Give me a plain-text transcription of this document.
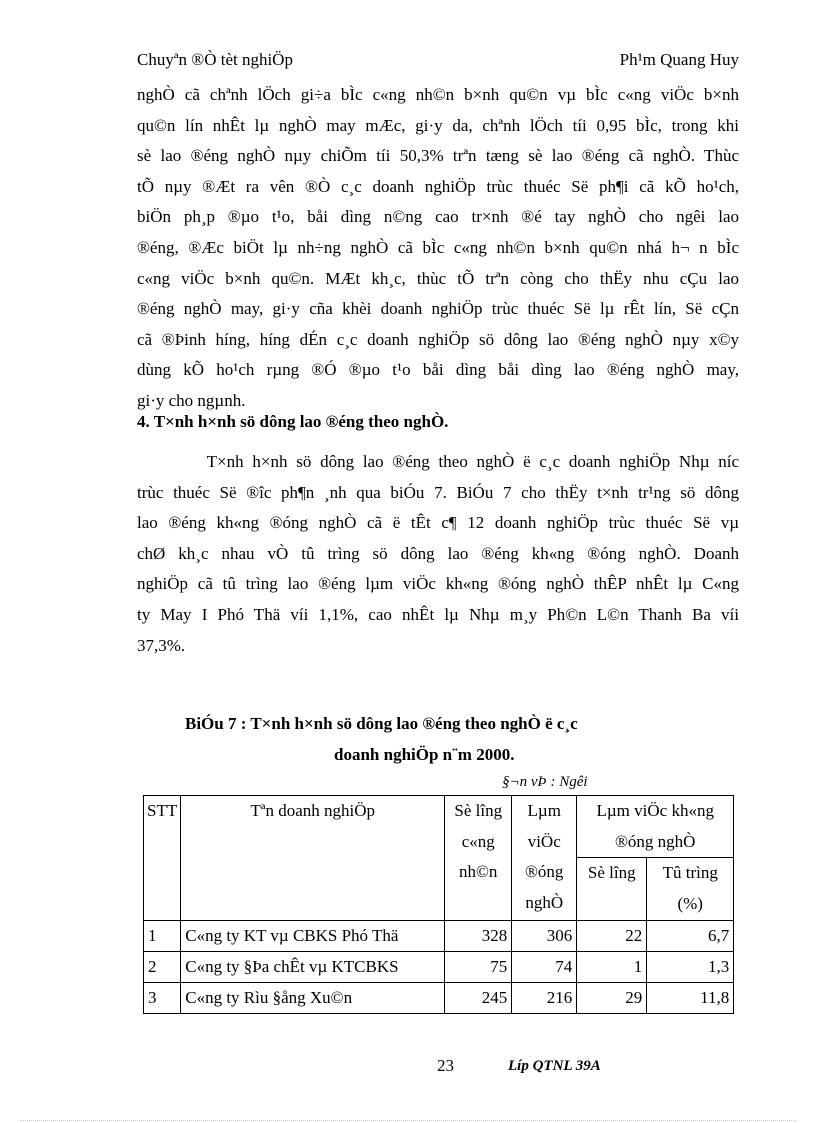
Chuyªn ®Ò tèt nghiÖp	Ph¹m Quang Huy

nghÒ cã chªnh lÖch gi÷a bÌc c«ng nh©n b×nh qu©n vµ bÌc c«ng viÖc b×nh
qu©n lín nhÊt lµ nghÒ may mÆc, gi·y da, chªnh lÖch tíi 0,95 bÌc, trong khi
sè lao ®éng nghÒ nµy chiÕm tíi 50,3% trªn tæng sè lao ®éng cã nghÒ. Thùc
tÕ nµy ®Æt ra vên ®Ò c¸c doanh nghiÖp trùc thuéc Së ph¶i cã kÕ ho¹ch,
biÖn ph¸p ®µo t¹o, båi dìng n©ng cao tr×nh ®é tay nghÒ cho ngêi lao
®éng, ®Æc biÖt lµ nh÷ng nghÒ cã bÌc c«ng nh©n b×nh qu©n nhá h¬ n bÌc
c«ng viÖc b×nh qu©n. MÆt kh¸c, thùc tÕ trªn còng cho thËy nhu cÇu lao
®éng nghÒ may, gi·y cña khèi doanh nghiÖp trùc thuéc Së lµ rÊt lín, Së cÇn
cã ®Þinh híng, híng dÉn c¸c doanh nghiÖp sö dông lao ®éng nghÒ nµy x©y
dùng kÕ ho¹ch rµng ®Ó ®µo t¹o båi dìng båi dìng lao ®éng nghÒ may,
gi·y cho ngµnh.

4. T×nh h×nh sö dông lao ®éng theo nghÒ.

T×nh h×nh sö dông lao ®éng theo nghÒ ë c¸c doanh nghiÖp Nhµ níc
trùc thuéc Së ®îc ph¶n ¸nh qua biÓu 7. BiÓu 7 cho thËy t×nh tr¹ng sö dông
lao ®éng kh«ng ®óng nghÒ cã ë tÊt c¶ 12 doanh nghiÖp trùc thuéc Së vµ
chØ kh¸c nhau vÒ tû trìng sö dông lao ®éng kh«ng ®óng nghÒ. Doanh
nghiÖp cã tû trìng lao ®éng lµm viÖc kh«ng ®óng nghÒ thÊP nhÊt lµ C«ng
ty May I Phó Thä víi 1,1%, cao nhÊt lµ Nhµ m¸y Ph©n L©n Thanh Ba víi
37,3%.

BiÓu 7 : T×nh h×nh sö dông lao ®éng theo nghÒ ë c¸c
doanh nghiÖp n¨m 2000.
§¬n vÞ : Ngêi
STT	Tªn doanh nghiÖp	Sè lîng c«ng nh©n	Lµm viÖc ®óng nghÒ	Lµm viÖc kh«ng ®óng nghÒ	
				Sè lîng	Tû trìng (%)
1	C«ng ty KT vµ CBKS Phó Thä	328	306	22	6,7
2	C«ng ty §Þa chÊt vµ KTCBKS	75	74	1	1,3
3	C«ng ty Rìu §ång Xu©n	245	216	29	11,8
23	Líp QTNL 39A
